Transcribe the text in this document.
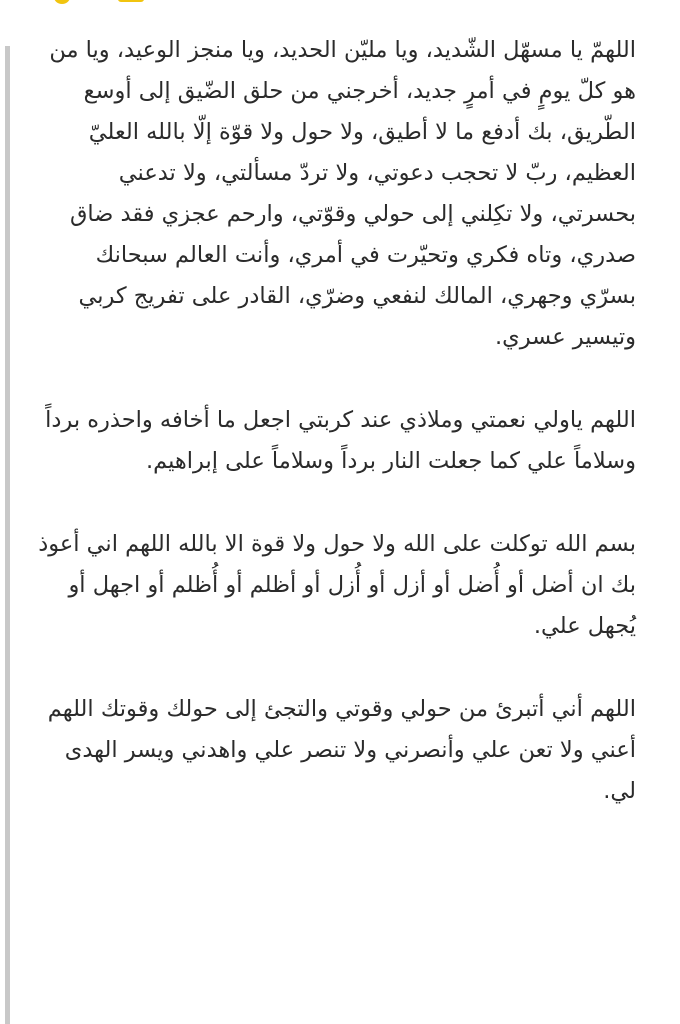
اللهمّ يا مسهّل الشّديد، ويا مليّن الحديد، ويا منجز الوعيد، ويا من هو كلّ يومٍ في أمرٍ جديد، أخرجني من حلق الضّيق إلى أوسع الطّريق، بك أدفع ما لا أطيق، ولا حول ولا قوّة إلّا بالله العليّ العظيم، ربّ لا تحجب دعوتي، ولا تردّ مسألتي، ولا تدعني بحسرتي، ولا تكِلني إلى حولي وقوّتي، وارحم عجزي فقد ضاق صدري، وتاه فكري وتحيّرت في أمري، وأنت العالم سبحانك بسرّي وجهري، المالك لنفعي وضرّي، القادر على تفريج كربي وتيسير عسري.

اللهم ياولي نعمتي وملاذي عند كربتي اجعل ما أخافه واحذره برداً وسلاماً علي كما جعلت النار برداً وسلاماً على إبراهيم.

بسم الله توكلت على الله ولا حول ولا قوة الا بالله اللهم اني أعوذ بك ان أضل أو أُضل أو أزل أو أُزل أو أظلم أو أُظلم أو اجهل أو يُجهل علي.

اللهم أني أتبرئ من حولي وقوتي والتجئ إلى حولك وقوتك اللهم أعني ولا تعن علي وأنصرني ولا تنصر علي واهدني ويسر الهدى لي.
